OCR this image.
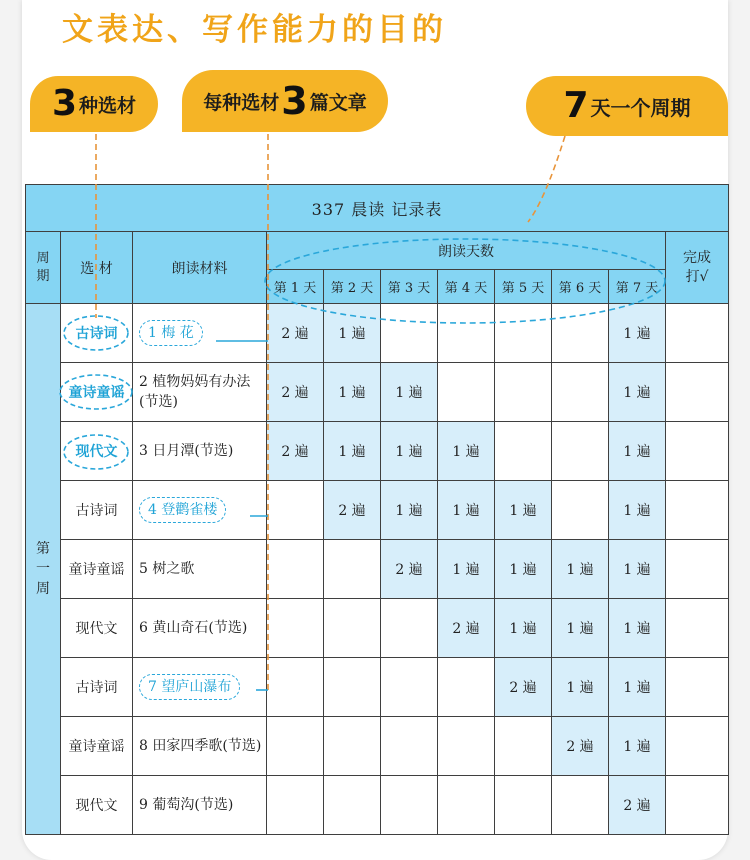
文表达、写作能力的目的
3 种选材	每种选材 3 篇文章	7 天一个周期
337 晨读 记录表										
周期	选 材	朗读材料	朗读天数							完成打√
			第 1 天	第 2 天	第 3 天	第 4 天	第 5 天	第 6 天	第 7 天	
第一周	古诗词	1 梅 花	2 遍	1 遍					1 遍	
	童诗童谣	2 植物妈妈有办法(节选)	2 遍	1 遍	1 遍				1 遍	
	现代文	3 日月潭(节选)	2 遍	1 遍	1 遍	1 遍			1 遍	
	古诗词	4 登鹳雀楼		2 遍	1 遍	1 遍	1 遍		1 遍	
	童诗童谣	5 树之歌			2 遍	1 遍	1 遍	1 遍	1 遍	
	现代文	6 黄山奇石(节选)				2 遍	1 遍	1 遍	1 遍	
	古诗词	7 望庐山瀑布					2 遍	1 遍	1 遍	
	童诗童谣	8 田家四季歌(节选)						2 遍	1 遍	
	现代文	9 葡萄沟(节选)							2 遍	
